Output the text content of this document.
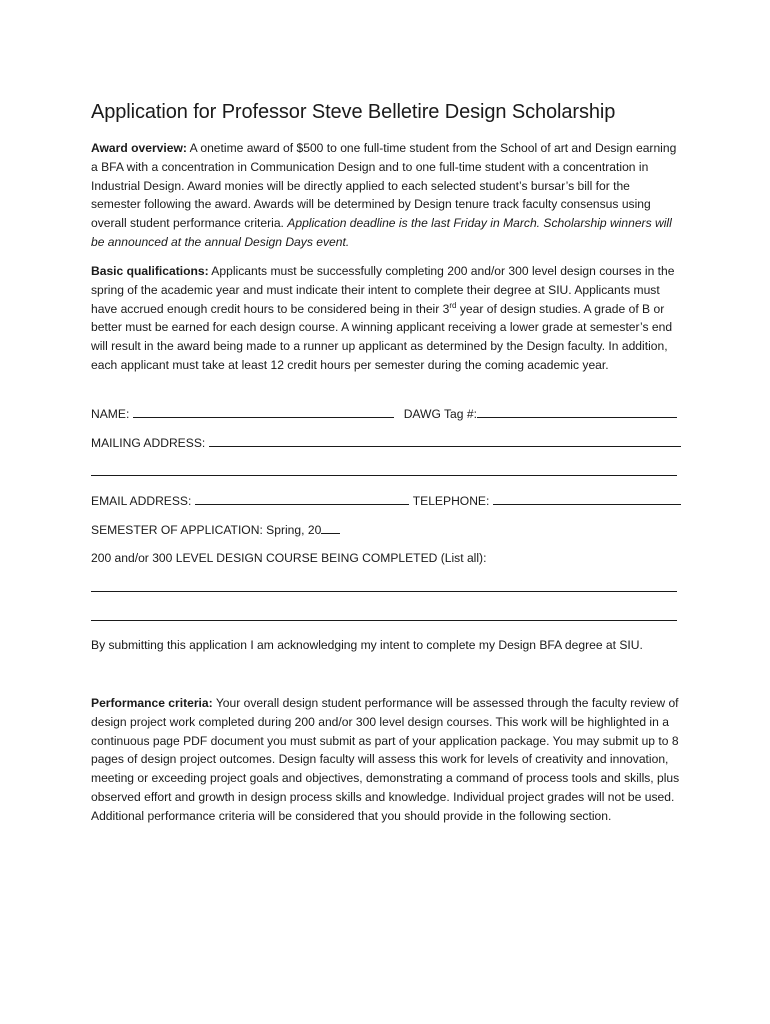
Application for Professor Steve Belletire Design Scholarship

Award overview: A onetime award of $500 to one full-time student from the School of art and Design earning a BFA with a concentration in Communication Design and to one full-time student with a concentration in Industrial Design. Award monies will be directly applied to each selected student’s bursar’s bill for the semester following the award. Awards will be determined by Design tenure track faculty consensus using overall student performance criteria. Application deadline is the last Friday in March. Scholarship winners will be announced at the annual Design Days event.

Basic qualifications: Applicants must be successfully completing 200 and/or 300 level design courses in the spring of the academic year and must indicate their intent to complete their degree at SIU. Applicants must have accrued enough credit hours to be considered being in their 3rd year of design studies. A grade of B or better must be earned for each design course. A winning applicant receiving a lower grade at semester’s end will result in the award being made to a runner up applicant as determined by the Design faculty. In addition, each applicant must take at least 12 credit hours per semester during the coming academic year.

NAME:	DAWG Tag #:
MAILING ADDRESS:
EMAIL ADDRESS:	TELEPHONE:
SEMESTER OF APPLICATION: Spring, 20
200 and/or 300 LEVEL DESIGN COURSE BEING COMPLETED (List all):
By submitting this application I am acknowledging my intent to complete my Design BFA degree at SIU.

Performance criteria: Your overall design student performance will be assessed through the faculty review of design project work completed during 200 and/or 300 level design courses. This work will be highlighted in a continuous page PDF document you must submit as part of your application package. You may submit up to 8 pages of design project outcomes. Design faculty will assess this work for levels of creativity and innovation, meeting or exceeding project goals and objectives, demonstrating a command of process tools and skills, plus observed effort and growth in design process skills and knowledge. Individual project grades will not be used. Additional performance criteria will be considered that you should provide in the following section.
